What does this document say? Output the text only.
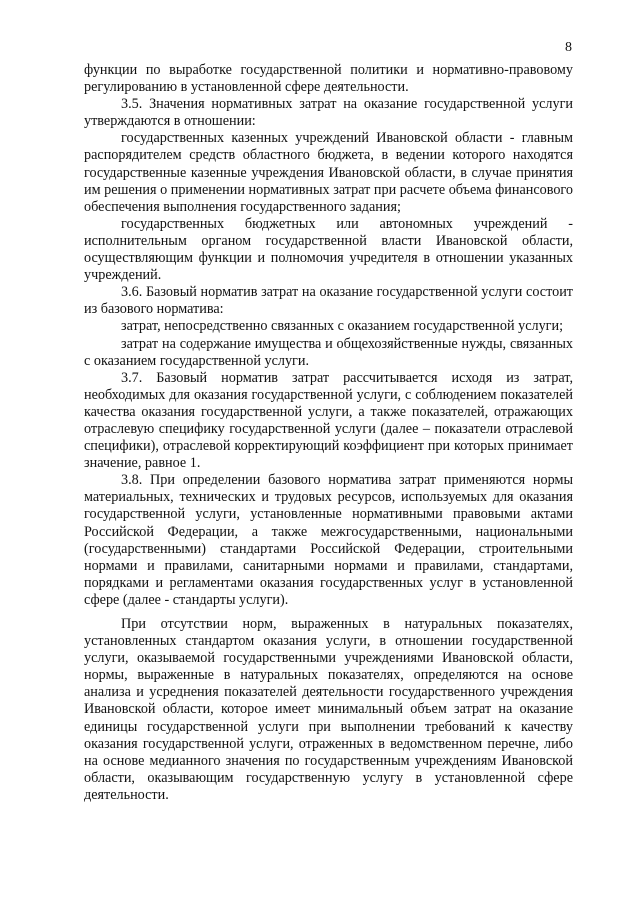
8

функции по выработке государственной политики и нормативно-правовому регулированию в установленной сфере деятельности.

3.5. Значения нормативных затрат на оказание государственной услуги утверждаются в отношении:

государственных казенных учреждений Ивановской области - главным распорядителем средств областного бюджета, в ведении которого находятся государственные казенные учреждения Ивановской области, в случае принятия им решения о применении нормативных затрат при расчете объема финансового обеспечения выполнения государственного задания;

государственных бюджетных или автономных учреждений - исполнительным органом государственной власти Ивановской области, осуществляющим функции и полномочия учредителя в отношении указанных учреждений.

3.6. Базовый норматив затрат на оказание государственной услуги состоит из базового норматива:

затрат, непосредственно связанных с оказанием государственной услуги;

затрат на содержание имущества и общехозяйственные нужды, связанных с оказанием государственной услуги.

3.7. Базовый норматив затрат рассчитывается исходя из затрат, необходимых для оказания государственной услуги, с соблюдением показателей качества оказания государственной услуги, а также показателей, отражающих отраслевую специфику государственной услуги (далее – показатели отраслевой специфики), отраслевой корректирующий коэффициент при которых принимает значение, равное 1.

3.8. При определении базового норматива затрат применяются нормы материальных, технических и трудовых ресурсов, используемых для оказания государственной услуги, установленные нормативными правовыми актами Российской Федерации, а также межгосударственными, национальными (государственными) стандартами Российской Федерации, строительными нормами и правилами, санитарными нормами и правилами, стандартами, порядками и регламентами оказания государственных услуг в установленной сфере (далее - стандарты услуги).

При отсутствии норм, выраженных в натуральных показателях, установленных стандартом оказания услуги, в отношении государственной услуги, оказываемой государственными учреждениями Ивановской области, нормы, выраженные в натуральных показателях, определяются на основе анализа и усреднения показателей деятельности государственного учреждения Ивановской области, которое имеет минимальный объем затрат на оказание единицы государственной услуги при выполнении требований к качеству оказания государственной услуги, отраженных в ведомственном перечне, либо на основе медианного значения по государственным учреждениям Ивановской области, оказывающим государственную услугу в установленной сфере деятельности.
